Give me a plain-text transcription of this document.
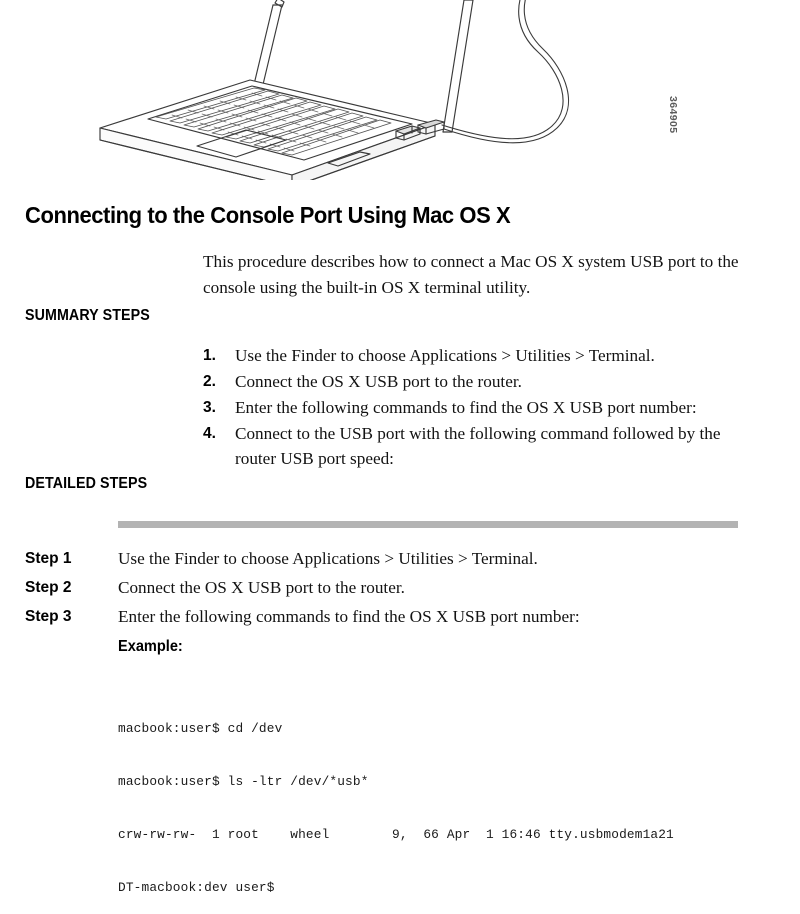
364905
Connecting to the Console Port Using Mac OS X

This procedure describes how to connect a Mac OS X system USB port to the console using the built-in OS X terminal utility.

SUMMARY STEPS
1.	Use the Finder to choose Applications > Utilities > Terminal.
2.	Connect the OS X USB port to the router.
3.	Enter the following commands to find the OS X USB port number:
4.	Connect to the USB port with the following command followed by the router USB port speed:
DETAILED STEPS
Step 1	Use the Finder to choose Applications > Utilities > Terminal.
Step 2	Connect the OS X USB port to the router.
Step 3	Enter the following commands to find the OS X USB port number:
Example:

macbook:user$ cd /dev

macbook:user$ ls -ltr /dev/*usb*

crw-rw-rw-  1 root    wheel        9,  66 Apr  1 16:46 tty.usbmodem1a21

DT-macbook:dev user$
